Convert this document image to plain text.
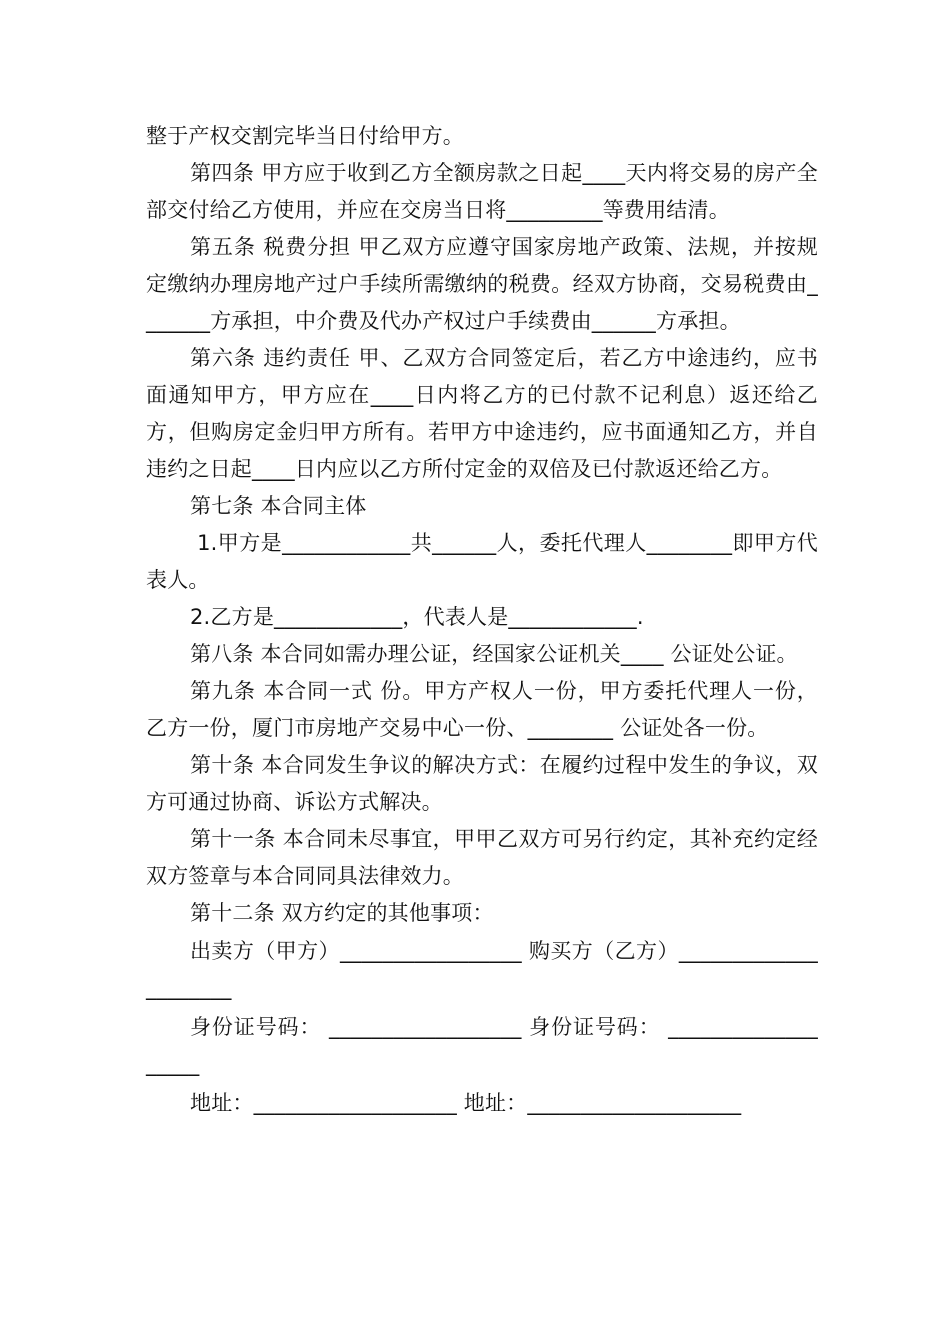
整于产权交割完毕当日付给甲方。

第四条 甲方应于收到乙方全额房款之日起____天内将交易的房产全部交付给乙方使用，并应在交房当日将_________等费用结清。

第五条 税费分担 甲乙双方应遵守国家房地产政策、法规，并按规定缴纳办理房地产过户手续所需缴纳的税费。经双方协商，交易税费由_______方承担，中介费及代办产权过户手续费由______方承担。

第六条 违约责任 甲、乙双方合同签定后，若乙方中途违约，应书面通知甲方，甲方应在____日内将乙方的已付款不记利息）返还给乙方，但购房定金归甲方所有。若甲方中途违约，应书面通知乙方，并自违约之日起____日内应以乙方所付定金的双倍及已付款返还给乙方。

第七条 本合同主体

1.甲方是____________共______人，委托代理人________即甲方代表人。

2.乙方是____________，代表人是____________.

第八条 本合同如需办理公证，经国家公证机关____ 公证处公证。

第九条 本合同一式 份。甲方产权人一份，甲方委托代理人一份，乙方一份，厦门市房地产交易中心一份、________ 公证处各一份。

第十条 本合同发生争议的解决方式：在履约过程中发生的争议，双方可通过协商、诉讼方式解决。

第十一条 本合同未尽事宜，甲甲乙双方可另行约定，其补充约定经双方签章与本合同同具法律效力。

第十二条 双方约定的其他事项：

出卖方（甲方）_________________ 购买方（乙方）_____________________

身份证号码： __________________ 身份证号码： ___________________

地址：___________________ 地址：____________________
